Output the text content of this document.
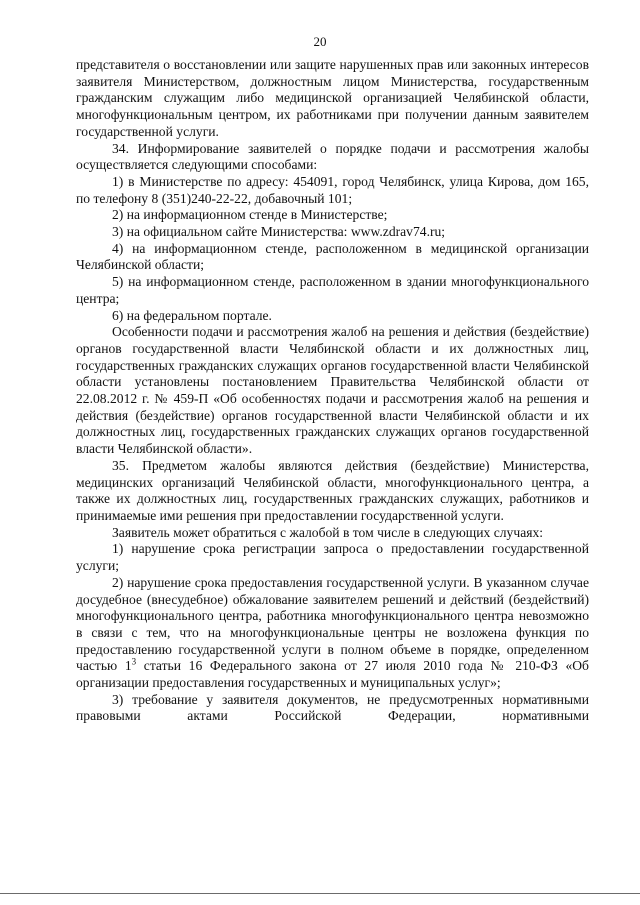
20

представителя о восстановлении или защите нарушенных прав или законных интересов заявителя Министерством, должностным лицом Министерства, государственным гражданским служащим либо медицинской организацией Челябинской области, многофункциональным центром, их работниками при получении данным заявителем государственной услуги.

34. Информирование заявителей о порядке подачи и рассмотрения жалобы осуществляется следующими способами:

1) в Министерстве по адресу: 454091, город Челябинск, улица Кирова, дом 165, по телефону 8 (351)240-22-22, добавочный 101;

2) на информационном стенде в Министерстве;

3) на официальном сайте Министерства: www.zdrav74.ru;

4) на информационном стенде, расположенном в медицинской организации Челябинской области;

5) на информационном стенде, расположенном в здании многофункционального центра;

6) на федеральном портале.

Особенности подачи и рассмотрения жалоб на решения и действия (бездействие) органов государственной власти Челябинской области и их должностных лиц, государственных гражданских служащих органов государственной власти Челябинской области установлены постановлением Правительства Челябинской области от 22.08.2012 г. № 459-П «Об особенностях подачи и рассмотрения жалоб на решения и действия (бездействие) органов государственной власти Челябинской области и их должностных лиц, государственных гражданских служащих органов государственной власти Челябинской области».

35. Предметом жалобы являются действия (бездействие) Министерства, медицинских организаций Челябинской области, многофункционального центра, а также их должностных лиц, государственных гражданских служащих, работников и принимаемые ими решения при предоставлении государственной услуги.

Заявитель может обратиться с жалобой в том числе в следующих случаях:

1) нарушение срока регистрации запроса о предоставлении государственной услуги;

2) нарушение срока предоставления государственной услуги. В указанном случае досудебное (внесудебное) обжалование заявителем решений и действий (бездействий) многофункционального центра, работника многофункционального центра невозможно в связи с тем, что на многофункциональные центры не возложена функция по предоставлению государственной услуги в полном объеме в порядке, определенном частью $1^3$ статьи 16 Федерального закона от 27 июля 2010 года № 210-ФЗ «Об организации предоставления государственных и муниципальных услуг»;

3) требование у заявителя документов, не предусмотренных нормативными правовыми актами Российской Федерации, нормативными
